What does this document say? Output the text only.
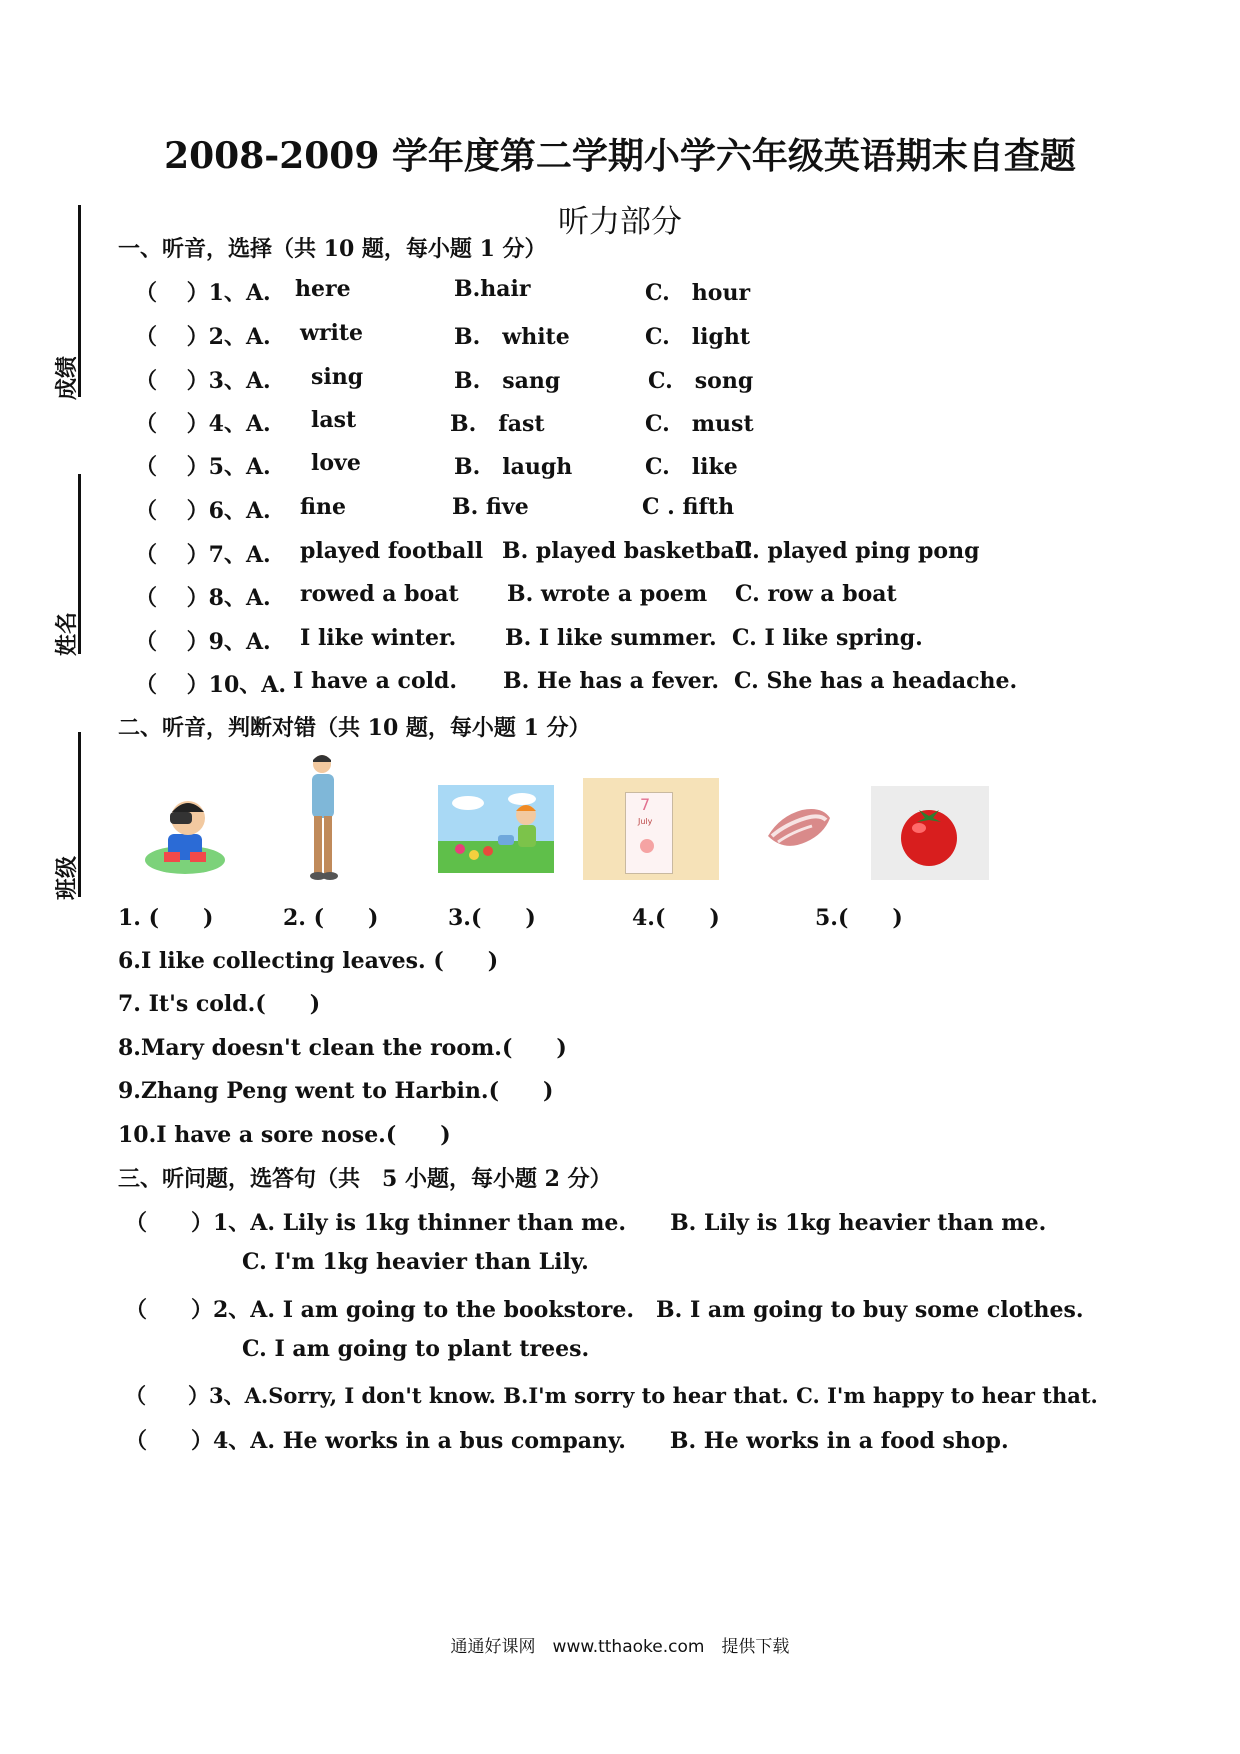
2008-2009 学年度第二学期小学六年级英语期末自查题
听力部分
成绩
姓名
班级
一、听音，选择（共 10 题，每小题 1 分）
（　 ）1、A. here	B.hair	C.　hour
（　 ）2、A. write	B.　white	C.　light
（　 ）3、A. sing	B.　sang	C.　song
（　 ）4、A. last	B.　fast	C.　must
（　 ）5、A. love	B.　laugh	C.　like
（　 ）6、A. fine	B. five	C . fifth
（　 ）7、A. played football B. played basketball
C. played ping pong
（　 ）8、A. rowed a boat B. wrote a poem C. row a boat
（　 ）9、A. I like winter. B. I like summer. C. I like spring.
（　 ）10、A. I have a cold. B. He has a fever. C. She has a headache.
二、听音，判断对错（共 10 题，每小题 1 分）
7
July
1. (　　)	2. (　　)	3.(　　)	4.(　　)	5.(　　)
6.I like collecting leaves. (　　)
7. It's cold.(　　)
8.Mary doesn't clean the room.(　　)
9.Zhang Peng went to Harbin.(　　)
10.I have a sore nose.(　　)
三、听问题，选答句（共　5 小题，每小题 2 分）
（　　）1、A. Lily is 1kg thinner than me.　　B. Lily is 1kg heavier than me.
C. I'm 1kg heavier than Lily.
（　　）2、A. I am going to the bookstore.　B. I am going to buy some clothes.
C. I am going to plant trees.
（　　）3、A.Sorry, I don't know. B.I'm sorry to hear that. C. I'm happy to hear that.
（　　）4、A. He works in a bus company.　　B. He works in a food shop.
通通好课网　www.tthaoke.com　提供下载
